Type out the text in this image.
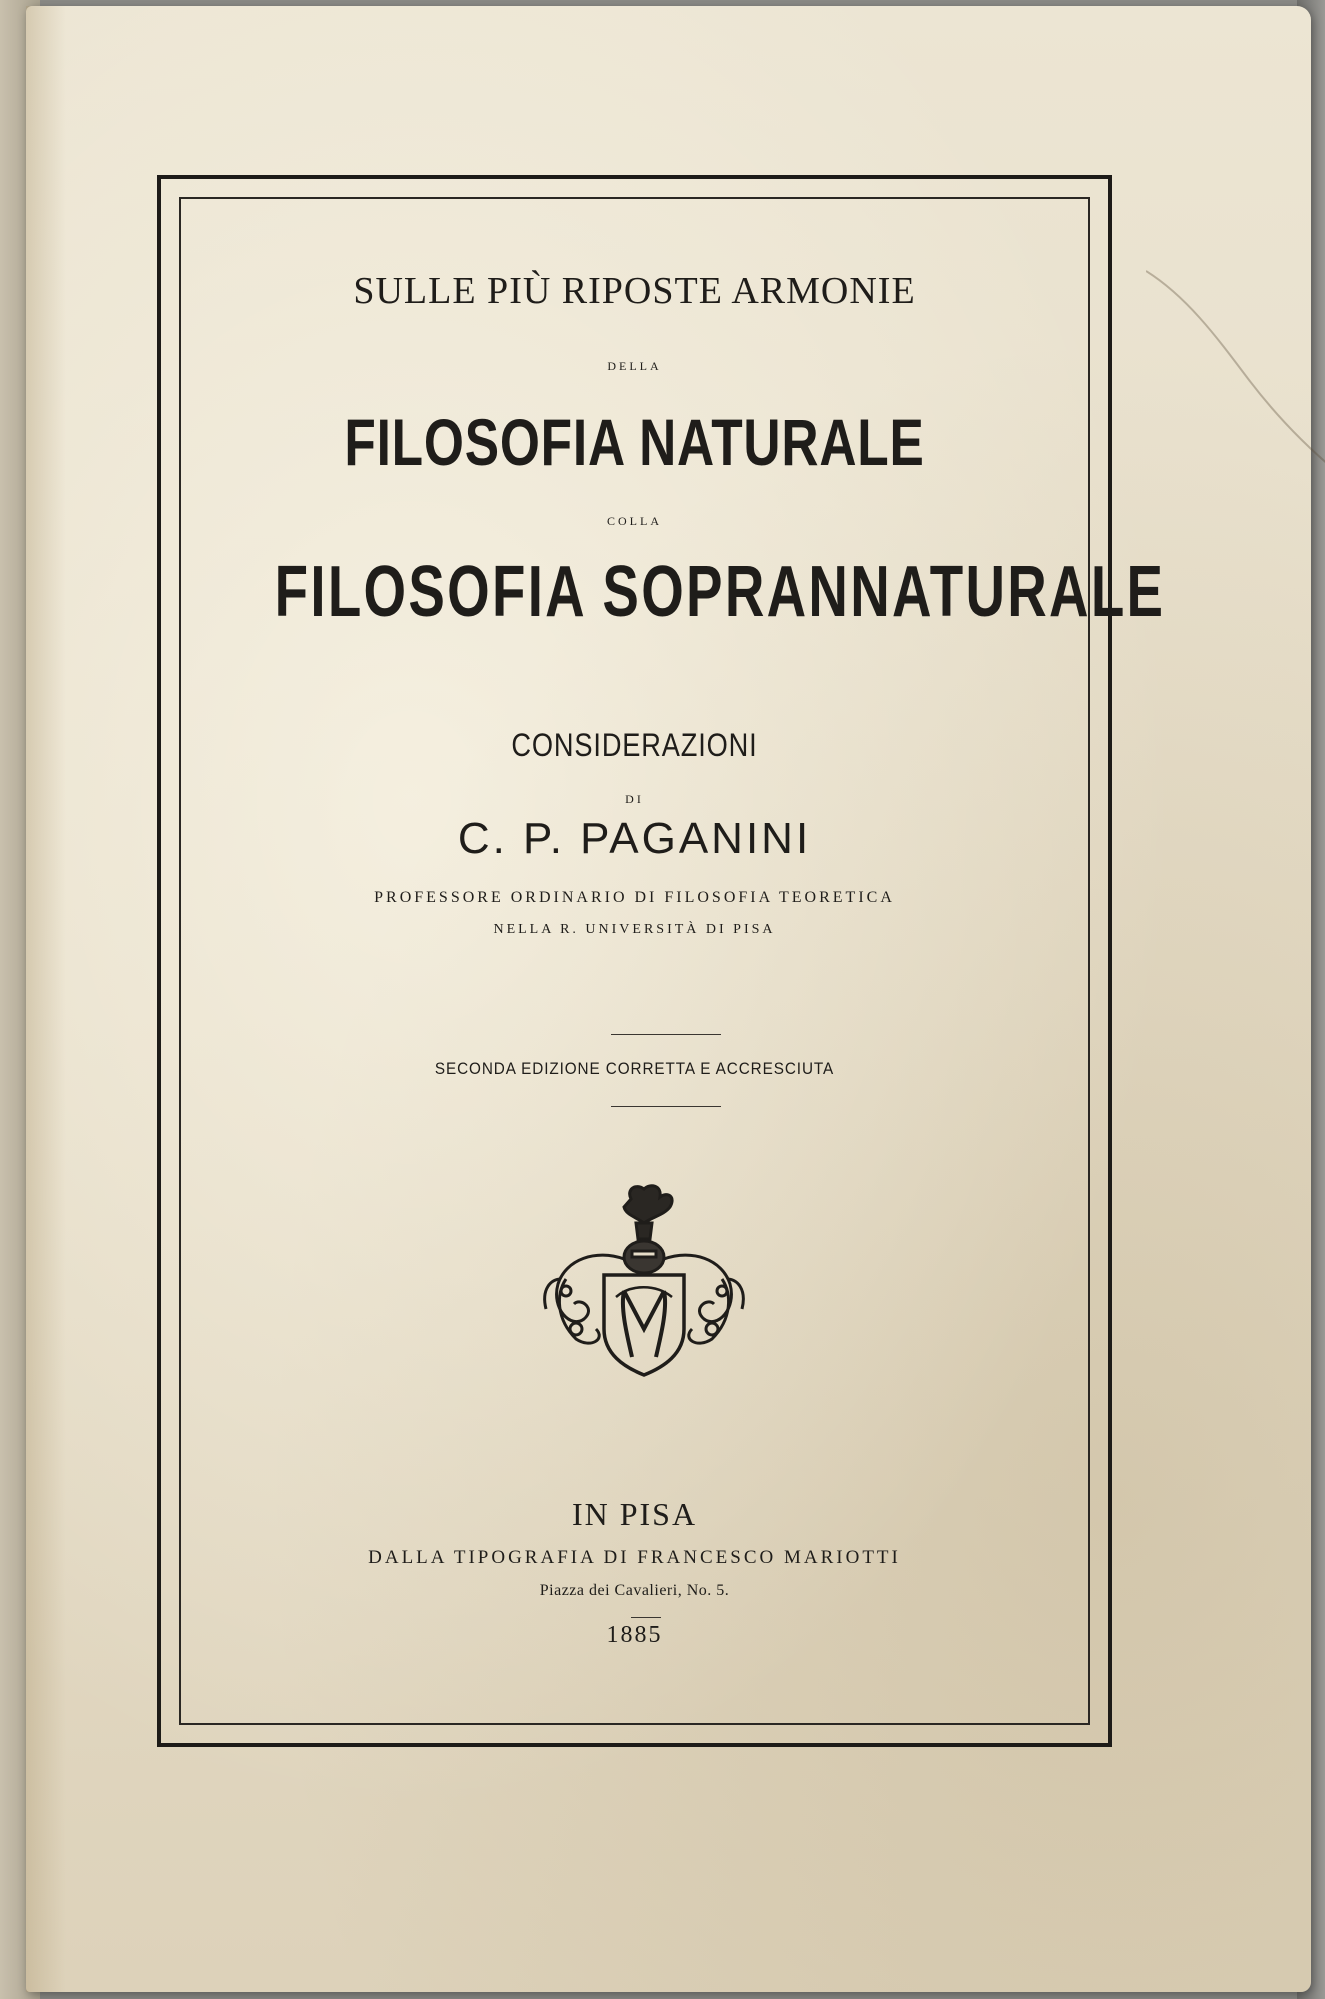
SULLE PIÙ RIPOSTE ARMONIE
DELLA
FILOSOFIA NATURALE
COLLA
FILOSOFIA SOPRANNATURALE
CONSIDERAZIONI
DI
C. P. PAGANINI
PROFESSORE ORDINARIO DI FILOSOFIA TEORETICA
NELLA R. UNIVERSITÀ DI PISA
SECONDA EDIZIONE CORRETTA E ACCRESCIUTA
IN PISA
DALLA TIPOGRAFIA DI FRANCESCO MARIOTTI
Piazza dei Cavalieri, No. 5.
1885
